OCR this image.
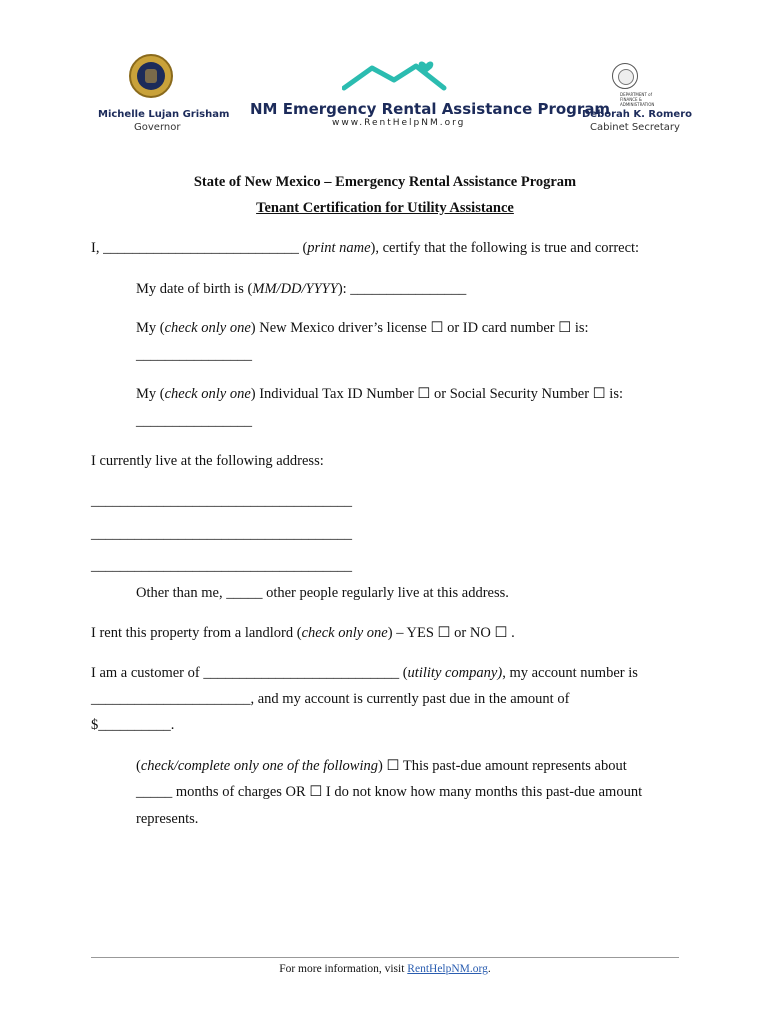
Michelle Lujan Grisham
Governor
NM Emergency Rental Assistance Program
www.RentHelpNM.org
DEPARTMENT of FINANCE & ADMINISTRATION
Deborah K. Romero
Cabinet Secretary
State of New Mexico – Emergency Rental Assistance Program
Tenant Certification for Utility Assistance
I, ___________________________ (print name), certify that the following is true and correct:
My date of birth is (MM/DD/YYYY): ________________
My (check only one) New Mexico driver’s license ☐ or ID card number ☐ is:
________________
My (check only one) Individual Tax ID Number ☐ or Social Security Number ☐ is:
________________
I currently live at the following address:
____________________________________
____________________________________
____________________________________
Other than me, _____ other people regularly live at this address.
I rent this property from a landlord (check only one) – YES ☐ or NO ☐ .
I am a customer of ___________________________ (utility company), my account number is
______________________, and my account is currently past due in the amount of
$__________.
(check/complete only one of the following) ☐ This past-due amount represents about
_____ months of charges OR ☐ I do not know how many months this past-due amount
represents.
For more information, visit RentHelpNM.org.
